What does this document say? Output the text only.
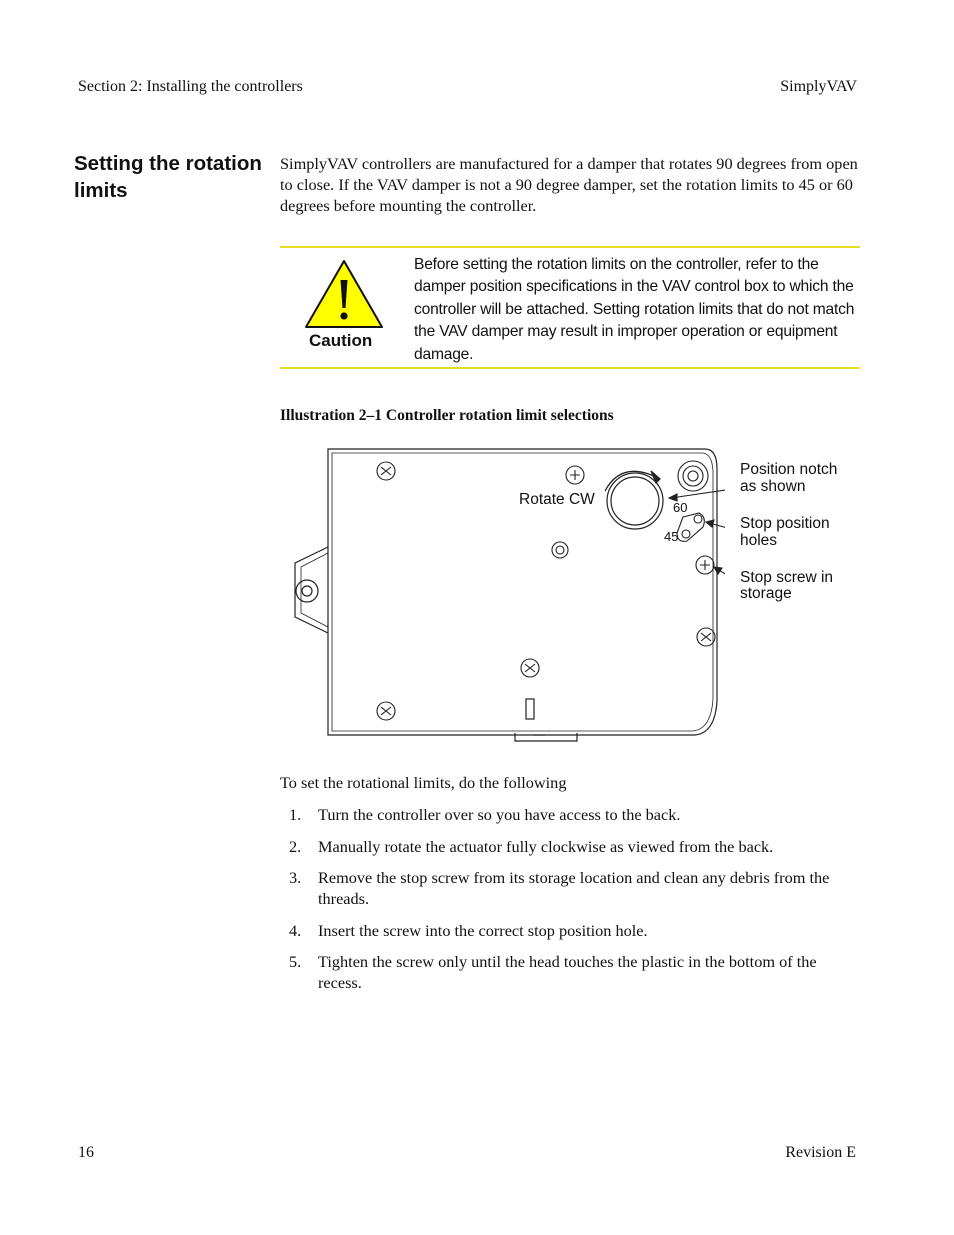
Section 2: Installing the controllers	SimplyVAV
Setting the rotation limits
SimplyVAV controllers are manufactured for a damper that rotates 90 degrees from open to close. If the VAV damper is not a 90 degree damper, set the rotation limits to 45 or 60 degrees before mounting the controller.
Caution
Before setting the rotation limits on the controller, refer to the damper position specifications in the VAV control box to which the controller will be attached. Setting rotation limits that do not match the VAV damper may result in improper operation or equipment damage.
Illustration 2–1 Controller rotation limit selections
Rotate CW
Position notch
as shown
Stop position
holes
Stop screw in
storage
60
45
To set the rotational limits, do the following
1.	Turn the controller over so you have access to the back.
2.	Manually rotate the actuator fully clockwise as viewed from the back.
3.	Remove the stop screw from its storage location and clean any debris from the threads.
4.	Insert the screw into the correct stop position hole.
5.	Tighten the screw only until the head touches the plastic in the bottom of the recess.
16	Revision E
